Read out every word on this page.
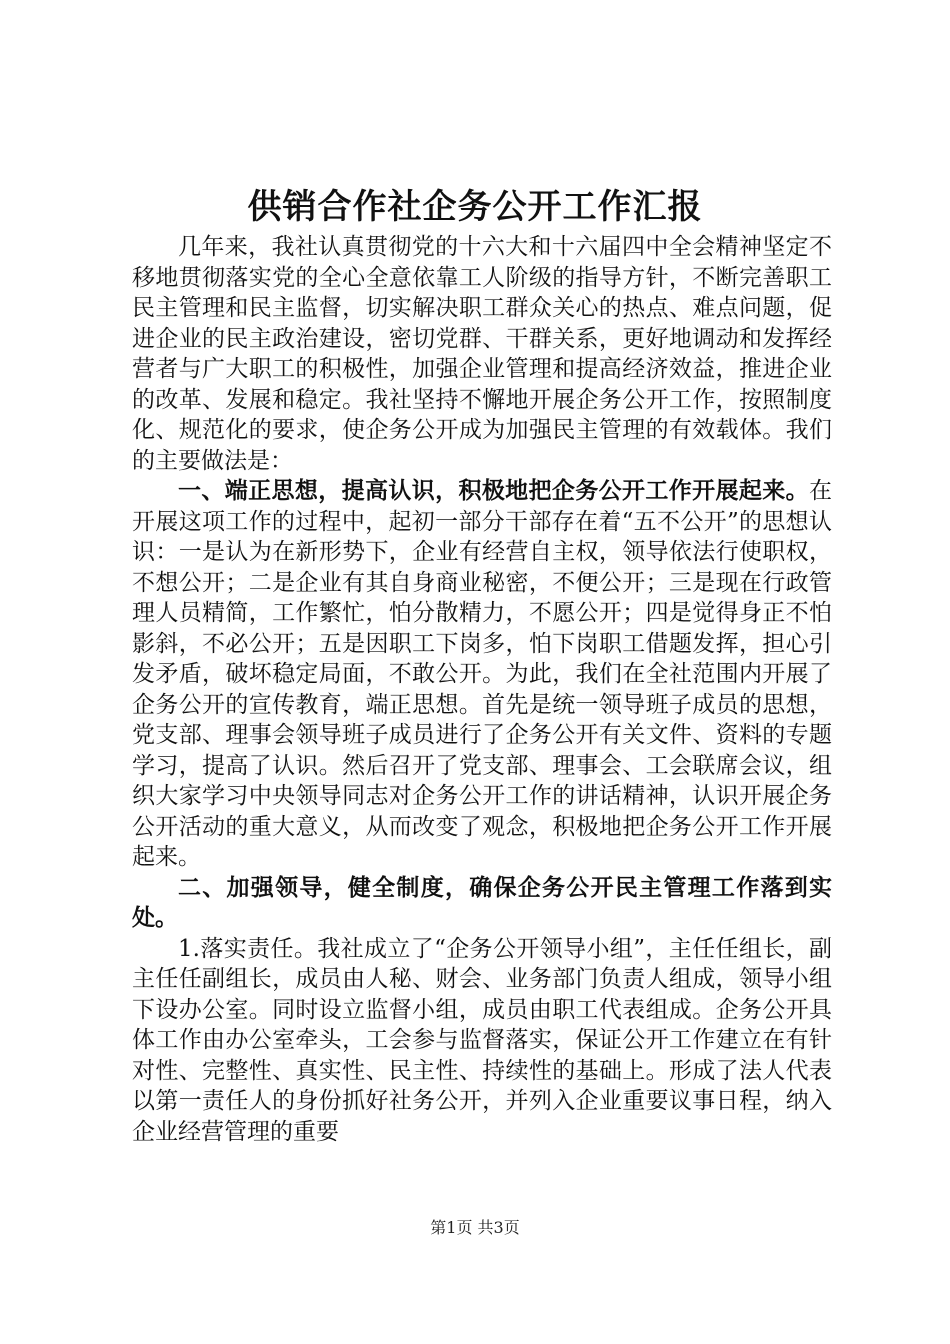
供销合作社企务公开工作汇报

几年来，我社认真贯彻党的十六大和十六届四中全会精神坚定不移地贯彻落实党的全心全意依靠工人阶级的指导方针，不断完善职工民主管理和民主监督，切实解决职工群众关心的热点、难点问题，促进企业的民主政治建设，密切党群、干群关系，更好地调动和发挥经营者与广大职工的积极性，加强企业管理和提高经济效益，推进企业的改革、发展和稳定。我社坚持不懈地开展企务公开工作，按照制度化、规范化的要求，使企务公开成为加强民主管理的有效载体。我们的主要做法是：

一、端正思想，提高认识，积极地把企务公开工作开展起来。在开展这项工作的过程中，起初一部分干部存在着“五不公开”的思想认识：一是认为在新形势下，企业有经营自主权，领导依法行使职权，不想公开；二是企业有其自身商业秘密，不便公开；三是现在行政管理人员精简，工作繁忙，怕分散精力，不愿公开；四是觉得身正不怕影斜，不必公开；五是因职工下岗多，怕下岗职工借题发挥，担心引发矛盾，破坏稳定局面，不敢公开。为此，我们在全社范围内开展了企务公开的宣传教育，端正思想。首先是统一领导班子成员的思想，党支部、理事会领导班子成员进行了企务公开有关文件、资料的专题学习，提高了认识。然后召开了党支部、理事会、工会联席会议，组织大家学习中央领导同志对企务公开工作的讲话精神，认识开展企务公开活动的重大意义，从而改变了观念，积极地把企务公开工作开展起来。

二、加强领导，健全制度，确保企务公开民主管理工作落到实处。

1.落实责任。我社成立了“企务公开领导小组”，主任任组长，副主任任副组长，成员由人秘、财会、业务部门负责人组成，领导小组下设办公室。同时设立监督小组，成员由职工代表组成。企务公开具体工作由办公室牵头，工会参与监督落实，保证公开工作建立在有针对性、完整性、真实性、民主性、持续性的基础上。形成了法人代表以第一责任人的身份抓好社务公开，并列入企业重要议事日程，纳入企业经营管理的重要

第1页 共3页
